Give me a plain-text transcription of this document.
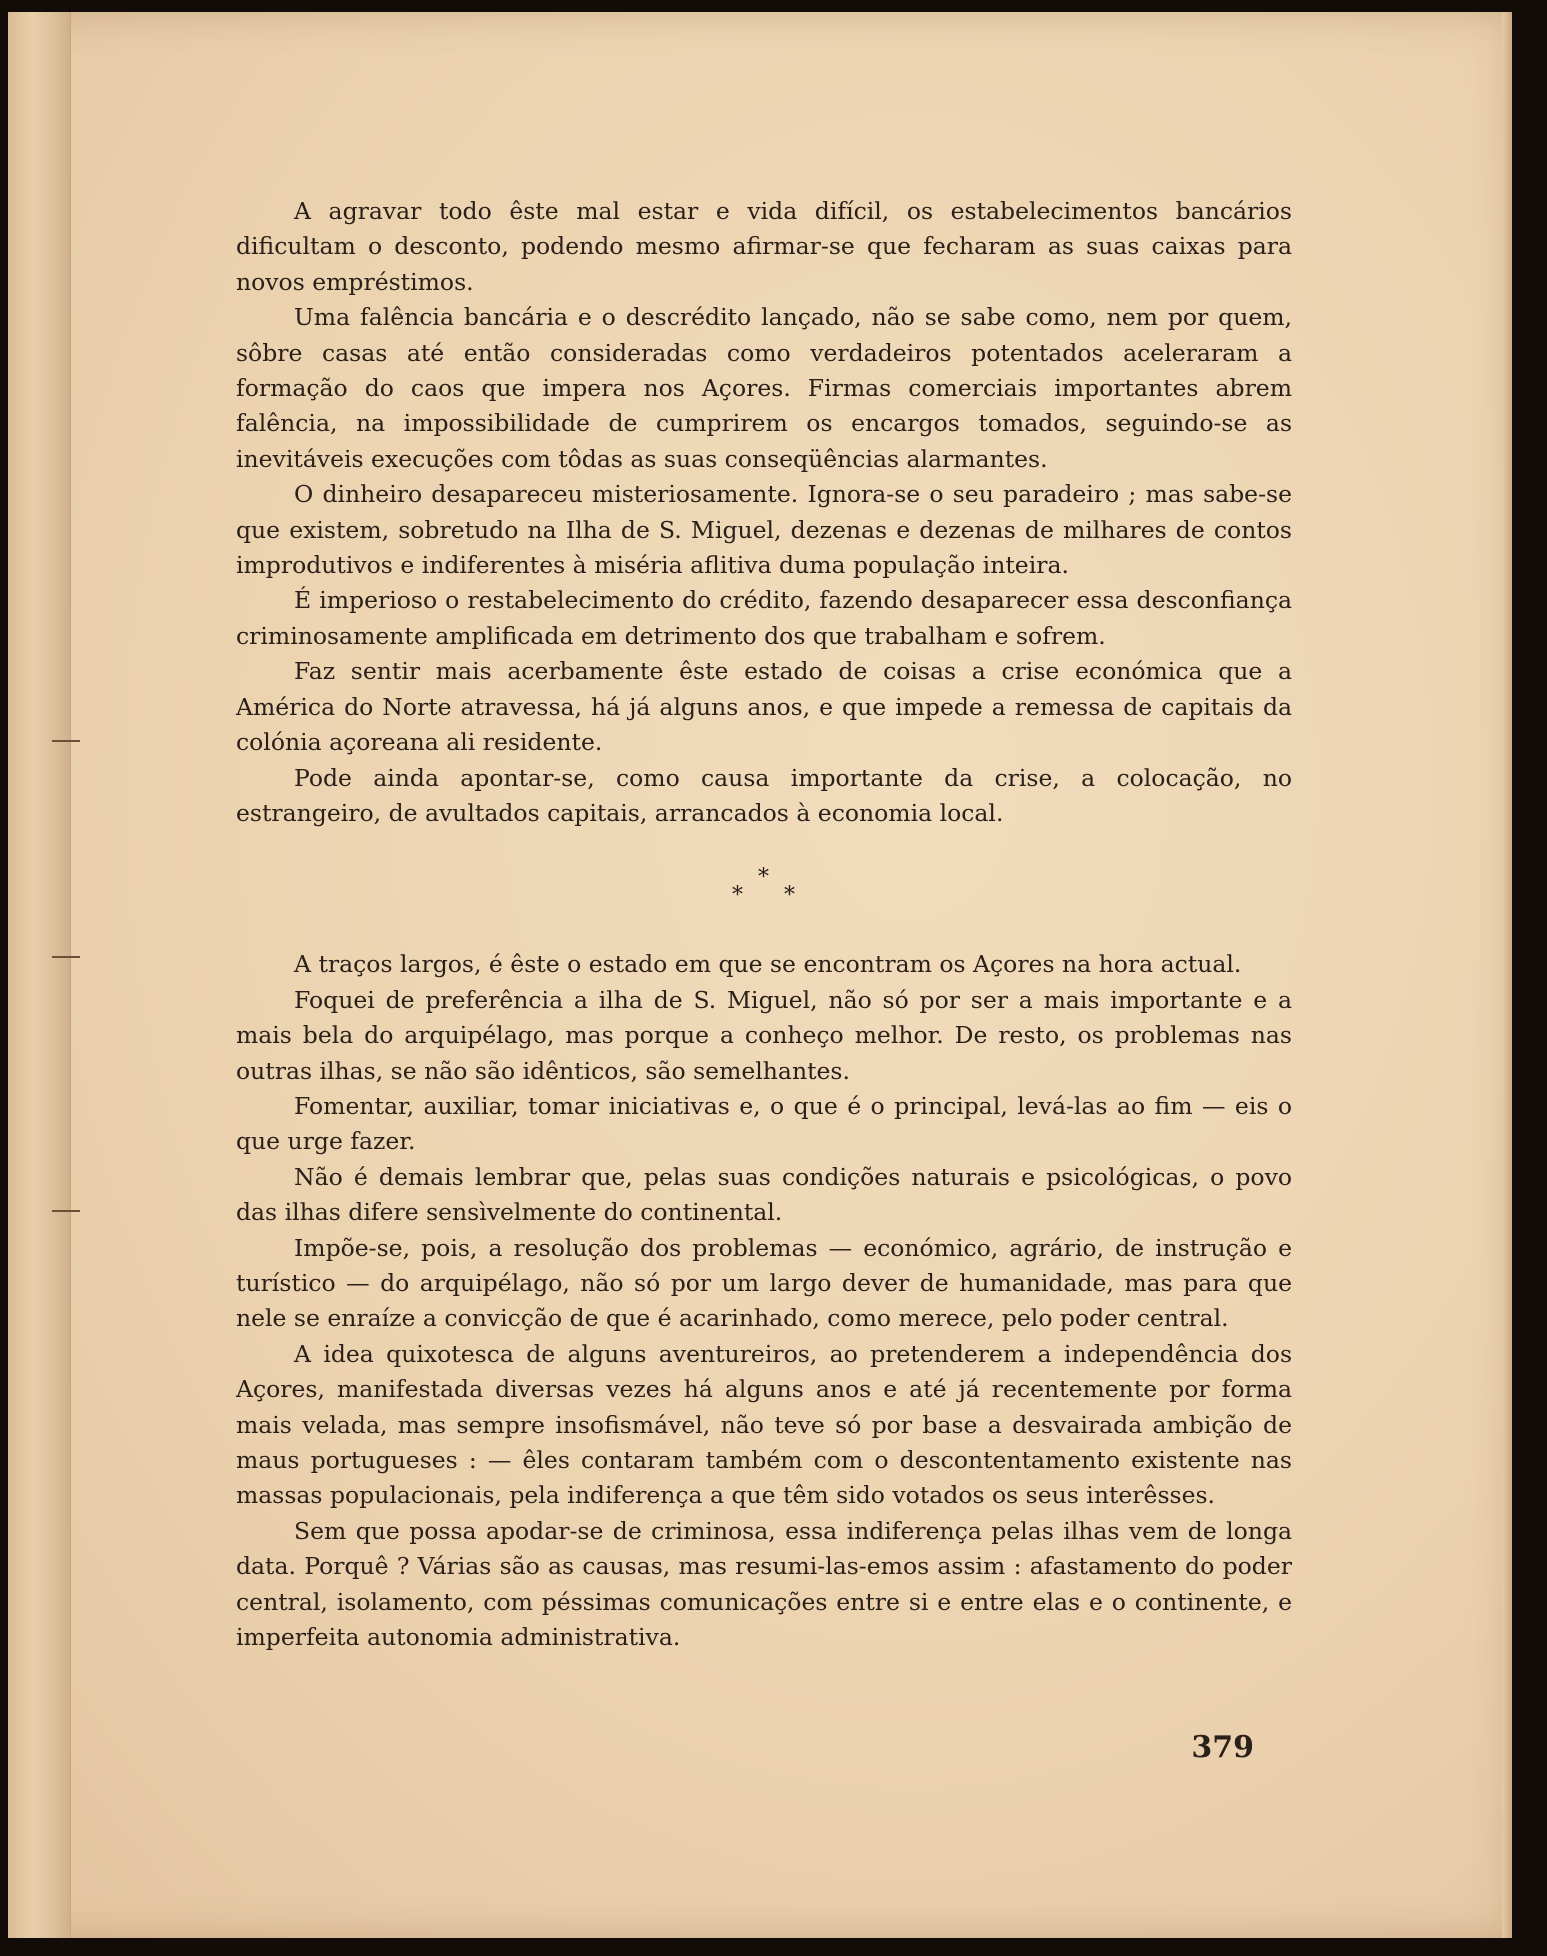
A agravar todo êste mal estar e vida difícil, os estabelecimentos bancários dificultam o desconto, podendo mesmo afirmar-se que fecharam as suas caixas para novos empréstimos.

Uma falência bancária e o descrédito lançado, não se sabe como, nem por quem, sôbre casas até então consideradas como verdadeiros potentados aceleraram a formação do caos que impera nos Açores. Firmas comerciais importantes abrem falência, na impossibilidade de cumprirem os encargos tomados, seguindo-se as inevitáveis execuções com tôdas as suas conseqüências alarmantes.

O dinheiro desapareceu misteriosamente. Ignora-se o seu paradeiro ; mas sabe-se que existem, sobretudo na Ilha de S. Miguel, dezenas e dezenas de milhares de contos improdutivos e indiferentes à miséria aflitiva duma população inteira.

É imperioso o restabelecimento do crédito, fazendo desaparecer essa desconfiança criminosamente amplificada em detrimento dos que trabalham e sofrem.

Faz sentir mais acerbamente êste estado de coisas a crise económica que a América do Norte atravessa, há já alguns anos, e que impede a remessa de capitais da colónia açoreana ali residente.

Pode ainda apontar-se, como causa importante da crise, a colocação, no estrangeiro, de avultados capitais, arrancados à economia local.

*
* *

A traços largos, é êste o estado em que se encontram os Açores na hora actual.

Foquei de preferência a ilha de S. Miguel, não só por ser a mais importante e a mais bela do arquipélago, mas porque a conheço melhor. De resto, os problemas nas outras ilhas, se não são idênticos, são semelhantes.

Fomentar, auxiliar, tomar iniciativas e, o que é o principal, levá-las ao fim — eis o que urge fazer.

Não é demais lembrar que, pelas suas condições naturais e psicológicas, o povo das ilhas difere sensìvelmente do continental.

Impõe-se, pois, a resolução dos problemas — económico, agrário, de instrução e turístico — do arquipélago, não só por um largo dever de humanidade, mas para que nele se enraíze a convicção de que é acarinhado, como merece, pelo poder central.

A idea quixotesca de alguns aventureiros, ao pretenderem a independência dos Açores, manifestada diversas vezes há alguns anos e até já recentemente por forma mais velada, mas sempre insofismável, não teve só por base a desvairada ambição de maus portugueses : — êles contaram também com o descontentamento existente nas massas populacionais, pela indiferença a que têm sido votados os seus interêsses.

Sem que possa apodar-se de criminosa, essa indiferença pelas ilhas vem de longa data. Porquê ? Várias são as causas, mas resumi-las-emos assim : afastamento do poder central, isolamento, com péssimas comunicações entre si e entre elas e o continente, e imperfeita autonomia administrativa.

379
